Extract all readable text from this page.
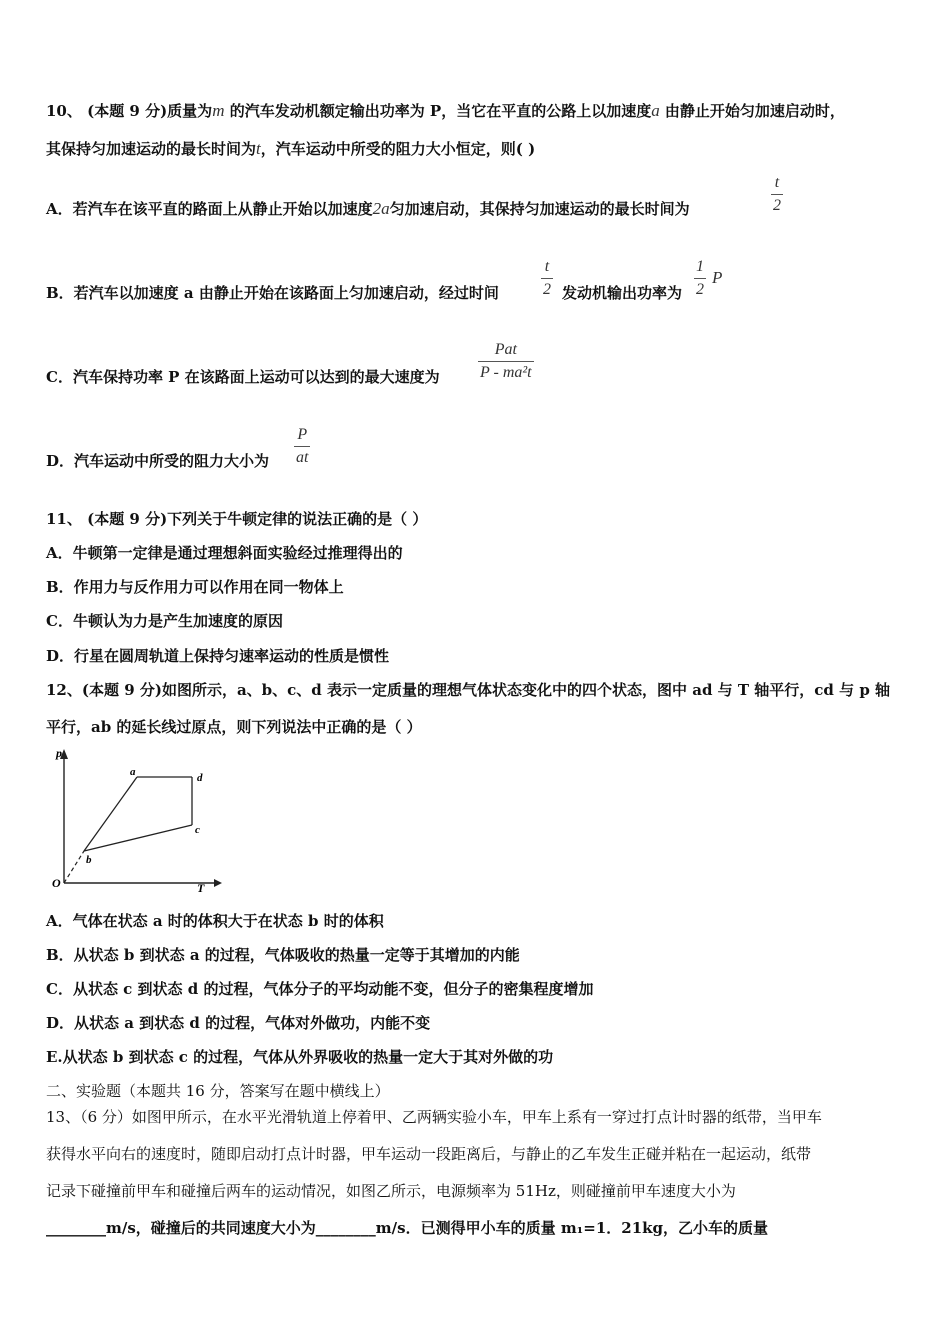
10、 (本题 9 分)质量为m 的汽车发动机额定输出功率为 P，当它在平直的公路上以加速度a 由静止开始匀加速启动时，
其保持匀加速运动的最长时间为t，汽车运动中所受的阻力大小恒定，则( )
A．若汽车在该平直的路面上从静止开始以加速度2a匀加速启动，其保持匀加速运动的最长时间为
t
2
B．若汽车以加速度 a 由静止开始在该路面上匀加速启动，经过时间
t
2 发动机输出功率为
1
2
P
C．汽车保持功率 P 在该路面上运动可以达到的最大速度为
Pat
P - ma²t
D．汽车运动中所受的阻力大小为
P
at
11、 (本题 9 分)下列关于牛顿定律的说法正确的是（ ）
A．牛顿第一定律是通过理想斜面实验经过推理得出的
B．作用力与反作用力可以作用在同一物体上
C．牛顿认为力是产生加速度的原因
D．行星在圆周轨道上保持匀速率运动的性质是惯性
12、(本题 9 分)如图所示，a、b、c、d 表示一定质量的理想气体状态变化中的四个状态，图中 ad 与 T 轴平行，cd 与 p 轴
平行，ab 的延长线过原点，则下列说法中正确的是（ ）
p
T
O
a	d
c
b
A．气体在状态 a 时的体积大于在状态 b 时的体积
B．从状态 b 到状态 a 的过程，气体吸收的热量一定等于其增加的内能
C．从状态 c 到状态 d 的过程，气体分子的平均动能不变，但分子的密集程度增加
D．从状态 a 到状态 d 的过程，气体对外做功，内能不变
E.从状态 b 到状态 c 的过程，气体从外界吸收的热量一定大于其对外做的功
二、实验题（本题共 16 分，答案写在题中横线上）
13、（6 分）如图甲所示，在水平光滑轨道上停着甲、乙两辆实验小车，甲车上系有一穿过打点计时器的纸带，当甲车
获得水平向右的速度时，随即启动打点计时器，甲车运动一段距离后，与静止的乙车发生正碰并粘在一起运动，纸带
记录下碰撞前甲车和碰撞后两车的运动情况，如图乙所示，电源频率为 51Hz，则碰撞前甲车速度大小为
________m/s，碰撞后的共同速度大小为________m/s．已测得甲小车的质量 m₁=1．21kg，乙小车的质量
